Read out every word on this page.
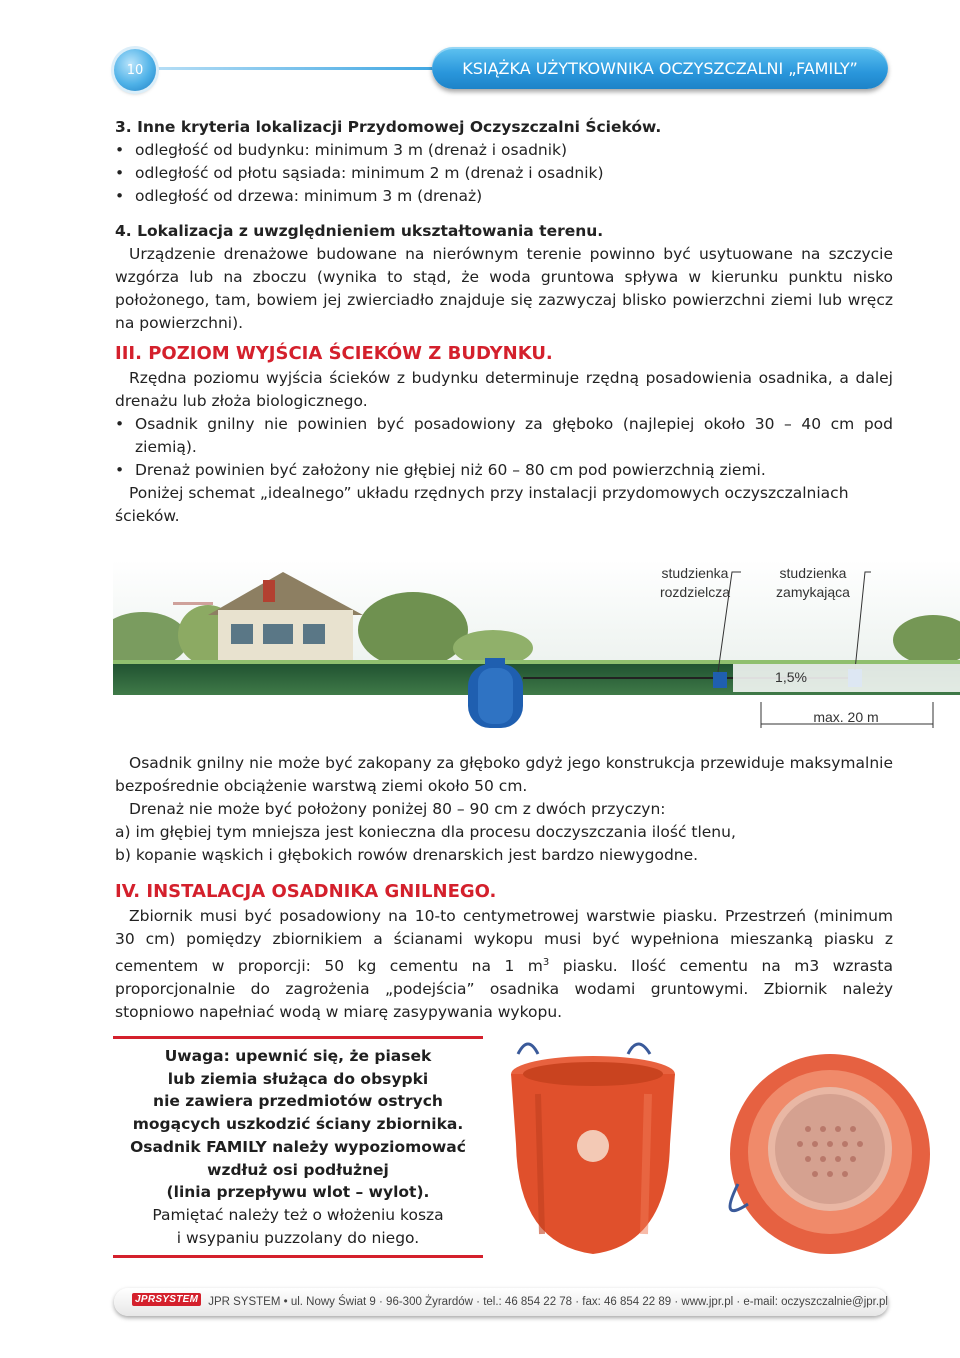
10	KSIĄŻKA UŻYTKOWNIKA OCZYSZCZALNI „FAMILY”

3. Inne kryteria lokalizacji Przydomowej Oczyszczalni Ścieków.

• odległość od budynku: minimum 3 m (drenaż i osadnik)

• odległość od płotu sąsiada: minimum 2 m (drenaż i osadnik)

• odległość od drzewa: minimum 3 m (drenaż)

4. Lokalizacja z uwzględnieniem ukształtowania terenu.

Urządzenie drenażowe budowane na nierównym terenie powinno być usytuowane na szczycie wzgórza lub na zboczu (wynika to stąd, że woda gruntowa spływa w kierunku punktu nisko położonego, tam, bowiem jej zwierciadło znajduje się zazwyczaj blisko powierzchni ziemi lub wręcz na powierzchni).

III. POZIOM WYJŚCIA ŚCIEKÓW Z BUDYNKU.

Rzędna poziomu wyjścia ścieków z budynku determinuje rzędną posadowienia osadnika, a dalej drenażu lub złoża biologicznego.

• Osadnik gnilny nie powinien być posadowiony za głęboko (najlepiej około 30 – 40 cm pod ziemią).

• Drenaż powinien być założony nie głębiej niż 60 – 80 cm pod powierzchnią ziemi.

Poniżej schemat „idealnego” układu rzędnych przy instalacji przydomowych oczyszczalniach ścieków.

studzienka
rozdzielcza
studzienka
zamykająca
1,5%
max. 20 m

Osadnik gnilny nie może być zakopany za głęboko gdyż jego konstrukcja przewiduje maksymalnie bezpośrednie obciążenie warstwą ziemi około 50 cm.

Drenaż nie może być położony poniżej 80 – 90 cm z dwóch przyczyn:

a) im głębiej tym mniejsza jest konieczna dla procesu doczyszczania ilość tlenu,

b) kopanie wąskich i głębokich rowów drenarskich jest bardzo niewygodne.

IV. INSTALACJA OSADNIKA GNILNEGO.

Zbiornik musi być posadowiony na 10-to centymetrowej warstwie piasku. Przestrzeń (minimum 30 cm) pomiędzy zbiornikiem a ścianami wykopu musi być wypełniona mieszanką piasku z cementem w proporcji: 50 kg cementu na 1 $m^3$ piasku. Ilość cementu na m3 wzrasta proporcjonalnie do zagrożenia „podejścia” osadnika wodami gruntowymi. Zbiornik należy stopniowo napełniać wodą w miarę zasypywania wykopu.

Uwaga: upewnić się, że piasek

lub ziemia służąca do obsypki

nie zawiera przedmiotów ostrych

mogących uszkodzić ściany zbiornika.

Osadnik FAMILY należy wypoziomować

wzdłuż osi podłużnej

(linia przepływu wlot – wylot).

Pamiętać należy też o włożeniu kosza

i wsypaniu puzzolany do niego.

JPRSYSTEM JPR SYSTEM • ul. Nowy Świat 9 · 96-300 Żyrardów · tel.: 46 854 22 78 · fax: 46 854 22 89 · www.jpr.pl · e-mail: oczyszczalnie@jpr.pl
